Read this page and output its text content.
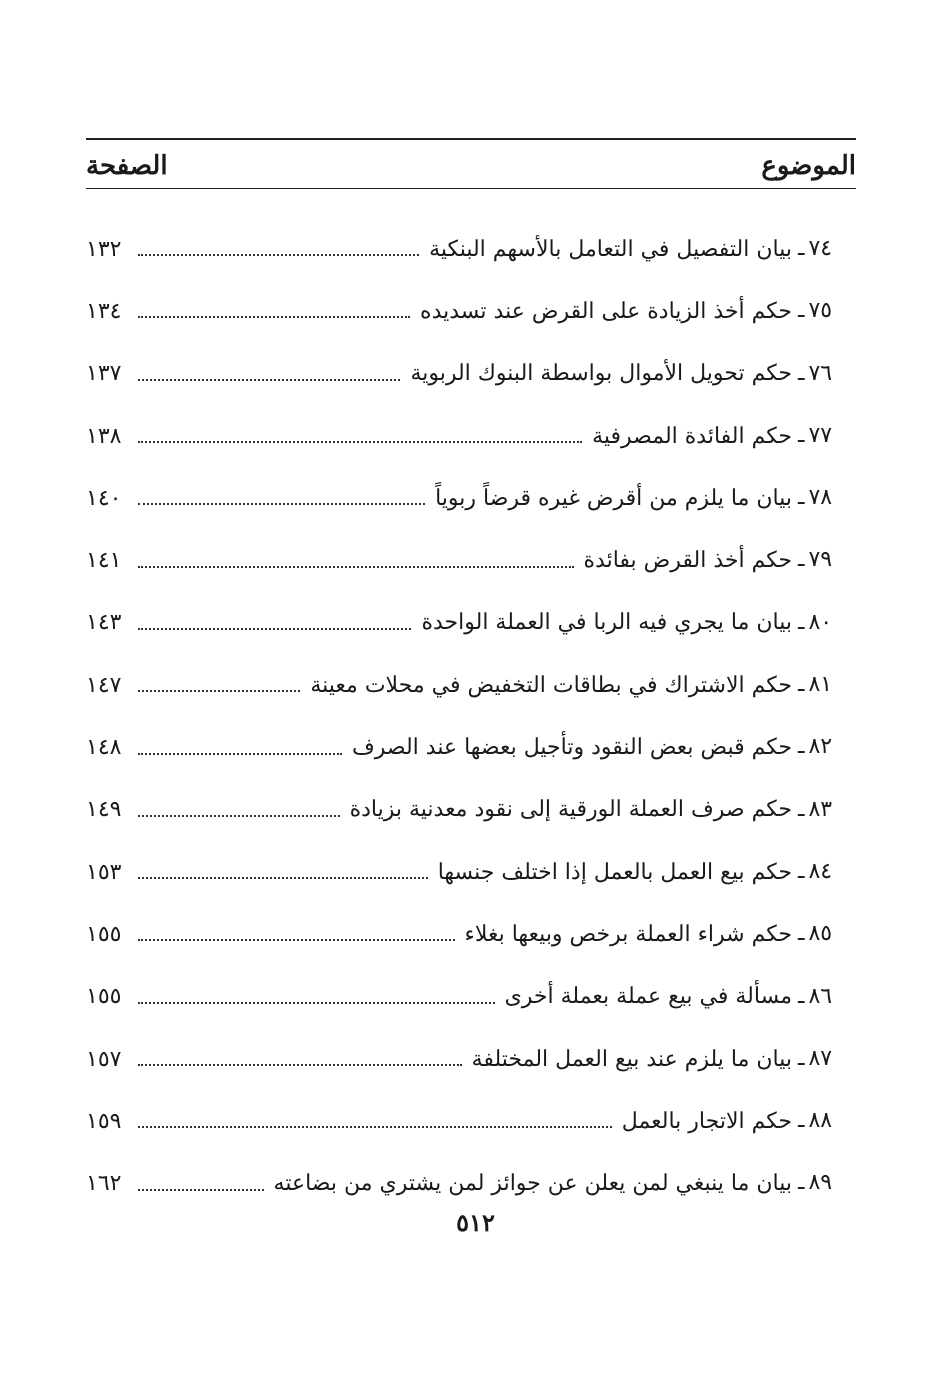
الموضوع
الصفحة
٧٤ـ
بيان التفصيل في التعامل بالأسهم البنكية
١٣٢
٧٥ـ
حكم أخذ الزيادة على القرض عند تسديده
١٣٤
٧٦ـ
حكم تحويل الأموال بواسطة البنوك الربوية
١٣٧
٧٧ـ
حكم الفائدة المصرفية
١٣٨
٧٨ـ
بيان ما يلزم من أقرض غيره قرضاً ربوياً
١٤٠
٧٩ـ
حكم أخذ القرض بفائدة
١٤١
٨٠ـ
بيان ما يجري فيه الربا في العملة الواحدة
١٤٣
٨١ـ
حكم الاشتراك في بطاقات التخفيض في محلات معينة
١٤٧
٨٢ـ
حكم قبض بعض النقود وتأجيل بعضها عند الصرف
١٤٨
٨٣ـ
حكم صرف العملة الورقية إلى نقود معدنية بزيادة
١٤٩
٨٤ـ
حكم بيع العمل بالعمل إذا اختلف جنسها
١٥٣
٨٥ـ
حكم شراء العملة برخص وبيعها بغلاء
١٥٥
٨٦ـ
مسألة في بيع عملة بعملة أخرى
١٥٥
٨٧ـ
بيان ما يلزم عند بيع العمل المختلفة
١٥٧
٨٨ـ
حكم الاتجار بالعمل
١٥٩
٨٩ـ
بيان ما ينبغي لمن يعلن عن جوائز لمن يشتري من بضاعته
١٦٢
٥١٢
